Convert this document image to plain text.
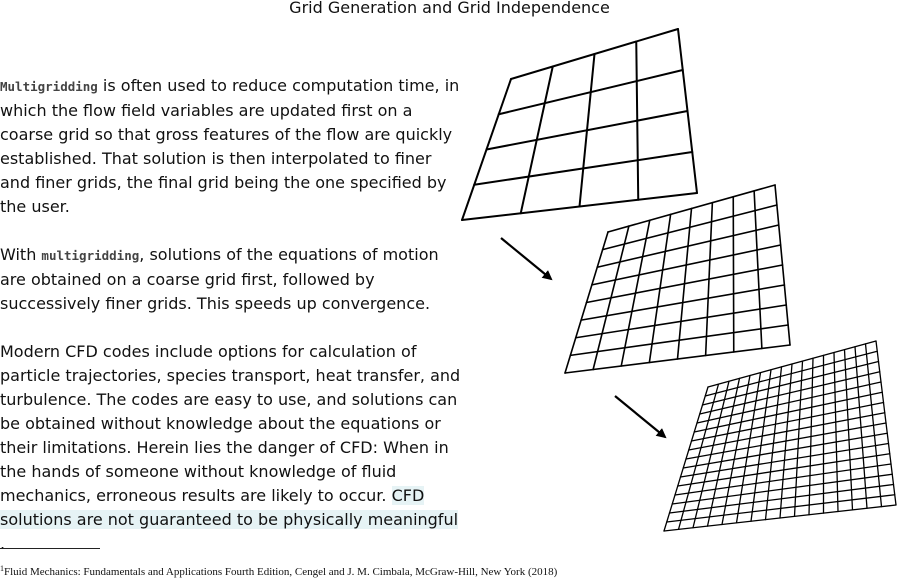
Grid Generation and Grid Independence

Multigridding is often used to reduce computation time, in which the flow field variables are updated first on a coarse grid so that gross features of the flow are quickly established. That solution is then interpolated to finer and finer grids, the final grid being the one specified by the user.

With multigridding, solutions of the equations of motion are obtained on a coarse grid first, followed by successively finer grids. This speeds up convergence.

Modern CFD codes include options for calculation of particle trajectories, species transport, heat transfer, and turbulence. The codes are easy to use, and solutions can be obtained without knowledge about the equations or their limitations. Herein lies the danger of CFD: When in the hands of someone without knowledge of fluid mechanics, erroneous results are likely to occur. CFD solutions are not guaranteed to be physically meaningful .

$^1$Fluid Mechanics: Fundamentals and Applications Fourth Edition, Cengel and J. M. Cimbala, McGraw-Hill, New York (2018)
